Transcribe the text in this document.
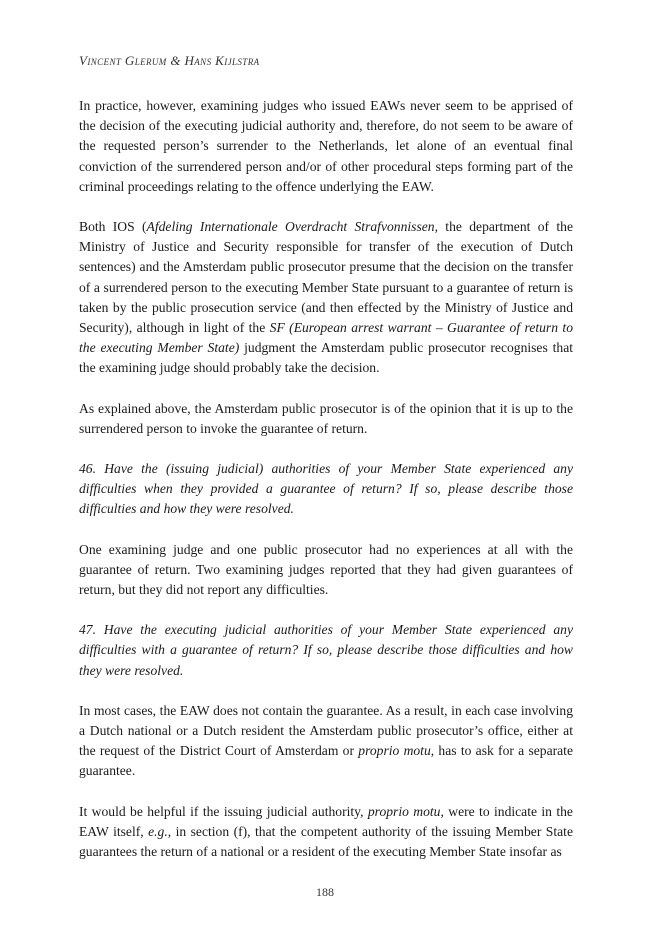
Vincent Glerum & Hans Kijlstra

In practice, however, examining judges who issued EAWs never seem to be apprised of the decision of the executing judicial authority and, therefore, do not seem to be aware of the requested person’s surrender to the Netherlands, let alone of an eventual final conviction of the surrendered person and/or of other procedural steps forming part of the criminal proceedings relating to the offence underlying the EAW.

Both IOS (Afdeling Internationale Overdracht Strafvonnissen, the department of the Ministry of Justice and Security responsible for transfer of the execution of Dutch sentences) and the Amsterdam public prosecutor presume that the decision on the transfer of a surrendered person to the executing Member State pursuant to a guarantee of return is taken by the public prosecution service (and then effected by the Ministry of Justice and Security), although in light of the SF (European arrest warrant – Guarantee of return to the executing Member State) judgment the Amsterdam public prosecutor recognises that the examining judge should probably take the decision.

As explained above, the Amsterdam public prosecutor is of the opinion that it is up to the surrendered person to invoke the guarantee of return.

46. Have the (issuing judicial) authorities of your Member State experienced any difficulties when they provided a guarantee of return? If so, please describe those difficulties and how they were resolved.

One examining judge and one public prosecutor had no experiences at all with the guarantee of return. Two examining judges reported that they had given guarantees of return, but they did not report any difficulties.

47. Have the executing judicial authorities of your Member State experienced any difficulties with a guarantee of return? If so, please describe those difficulties and how they were resolved.

In most cases, the EAW does not contain the guarantee. As a result, in each case involving a Dutch national or a Dutch resident the Amsterdam public prosecutor’s office, either at the request of the District Court of Amsterdam or proprio motu, has to ask for a separate guarantee.

It would be helpful if the issuing judicial authority, proprio motu, were to indicate in the EAW itself, e.g., in section (f), that the competent authority of the issuing Member State guarantees the return of a national or a resident of the executing Member State insofar as

188
